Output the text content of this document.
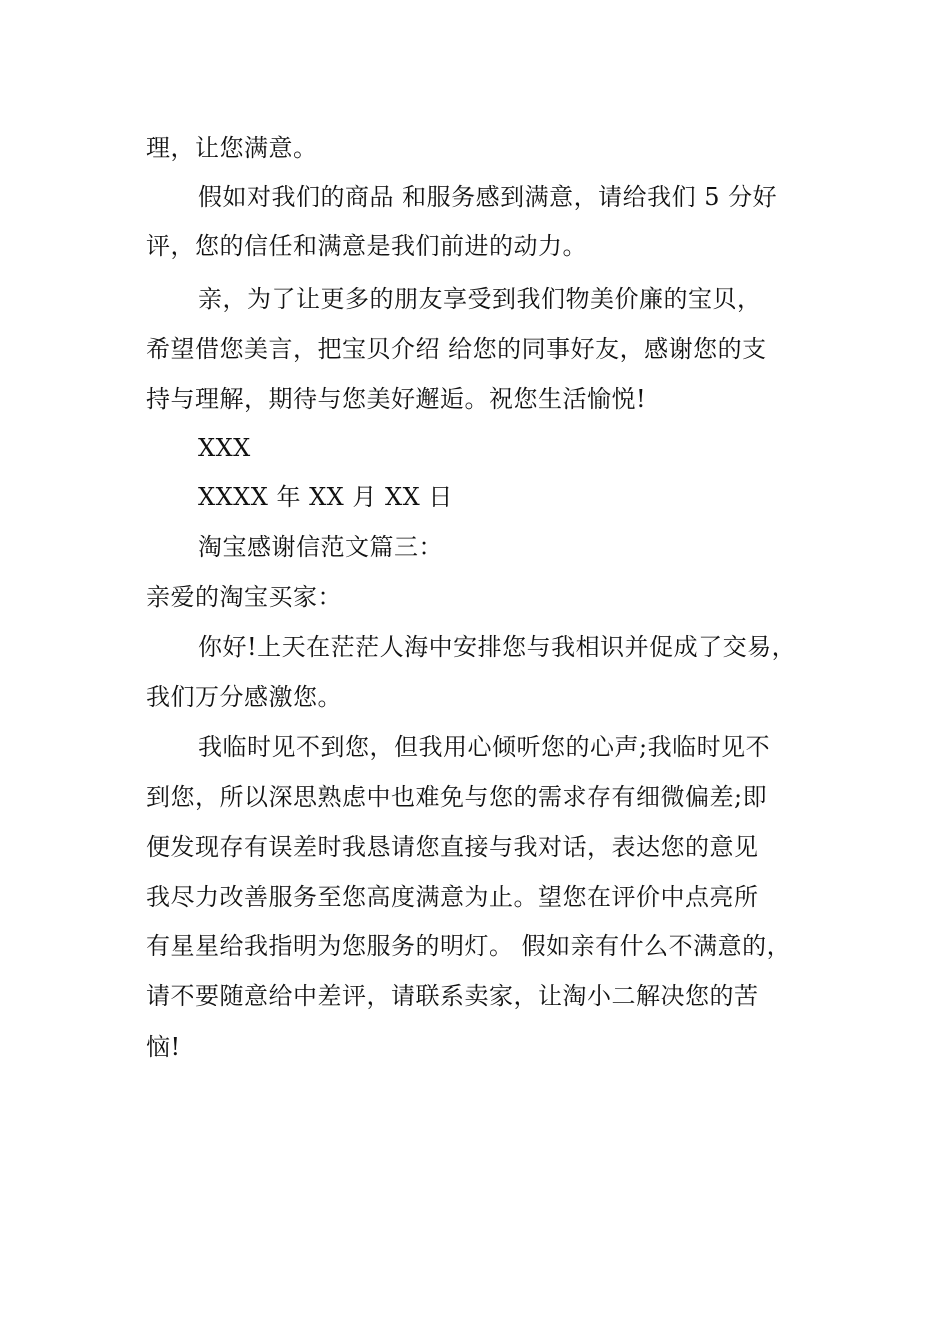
理，让您满意。
假如对我们的商品 和服务感到满意，请给我们 5 分好
评，您的信任和满意是我们前进的动力。
亲，为了让更多的朋友享受到我们物美价廉的宝贝，
希望借您美言，把宝贝介绍 给您的同事好友，感谢您的支
持与理解，期待与您美好邂逅。祝您生活愉悦!
XXX
XXXX 年 XX 月 XX 日
淘宝感谢信范文篇三：
亲爱的淘宝买家：
你好!上天在茫茫人海中安排您与我相识并促成了交易，
我们万分感激您。
我临时见不到您，但我用心倾听您的心声;我临时见不
到您，所以深思熟虑中也难免与您的需求存有细微偏差;即
便发现存有误差时我恳请您直接与我对话，表达您的意见
我尽力改善服务至您高度满意为止。望您在评价中点亮所
有星星给我指明为您服务的明灯。 假如亲有什么不满意的，
请不要随意给中差评，请联系卖家，让淘小二解决您的苦
恼!
